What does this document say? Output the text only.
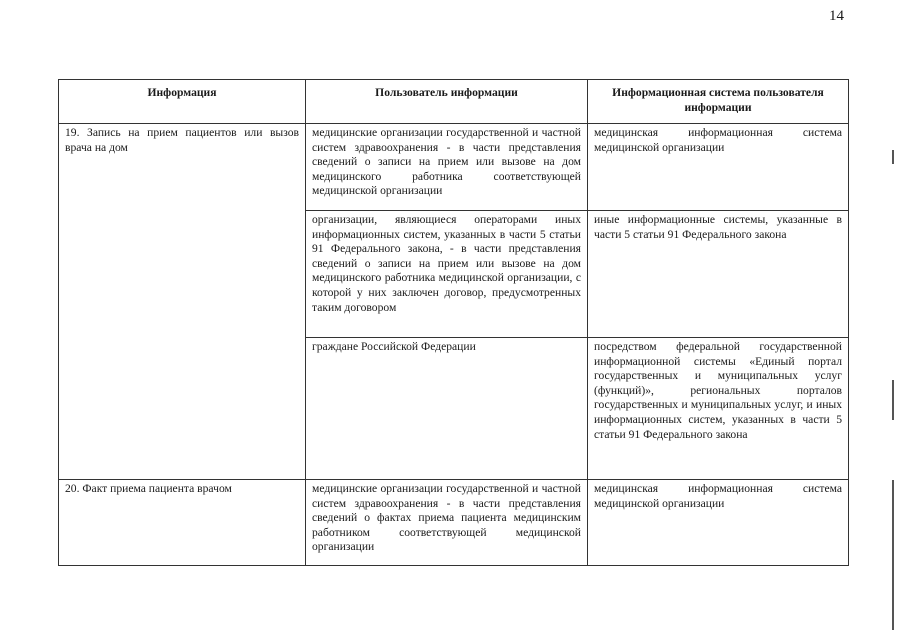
14
Информация	Пользователь информации	Информационная система пользователя информации
19. Запись на прием пациентов или вызов врача на дом	медицинские организации государственной и частной систем здравоохранения - в части представления сведений о записи на прием или вызове на дом медицинского работника соответствующей медицинской организации	медицинская информационная система медицинской организации
	организации, являющиеся операторами иных информационных систем, указанных в части 5 статьи 91 Федерального закона, - в части представления сведений о записи на прием или вызове на дом медицинского работника медицинской организации, с которой у них заключен договор, предусмотренных таким договором	иные информационные системы, указанные в части 5 статьи 91 Федерального закона
	граждане Российской Федерации	посредством федеральной государственной информационной системы «Единый портал государственных и муниципальных услуг (функций)», региональных порталов государственных и муниципальных услуг, и иных информационных систем, указанных в части 5 статьи 91 Федерального закона
20. Факт приема пациента врачом	медицинские организации государственной и частной систем здравоохранения - в части представления сведений о фактах приема пациента медицинским работником соответствующей медицинской организации	медицинская информационная система медицинской организации
